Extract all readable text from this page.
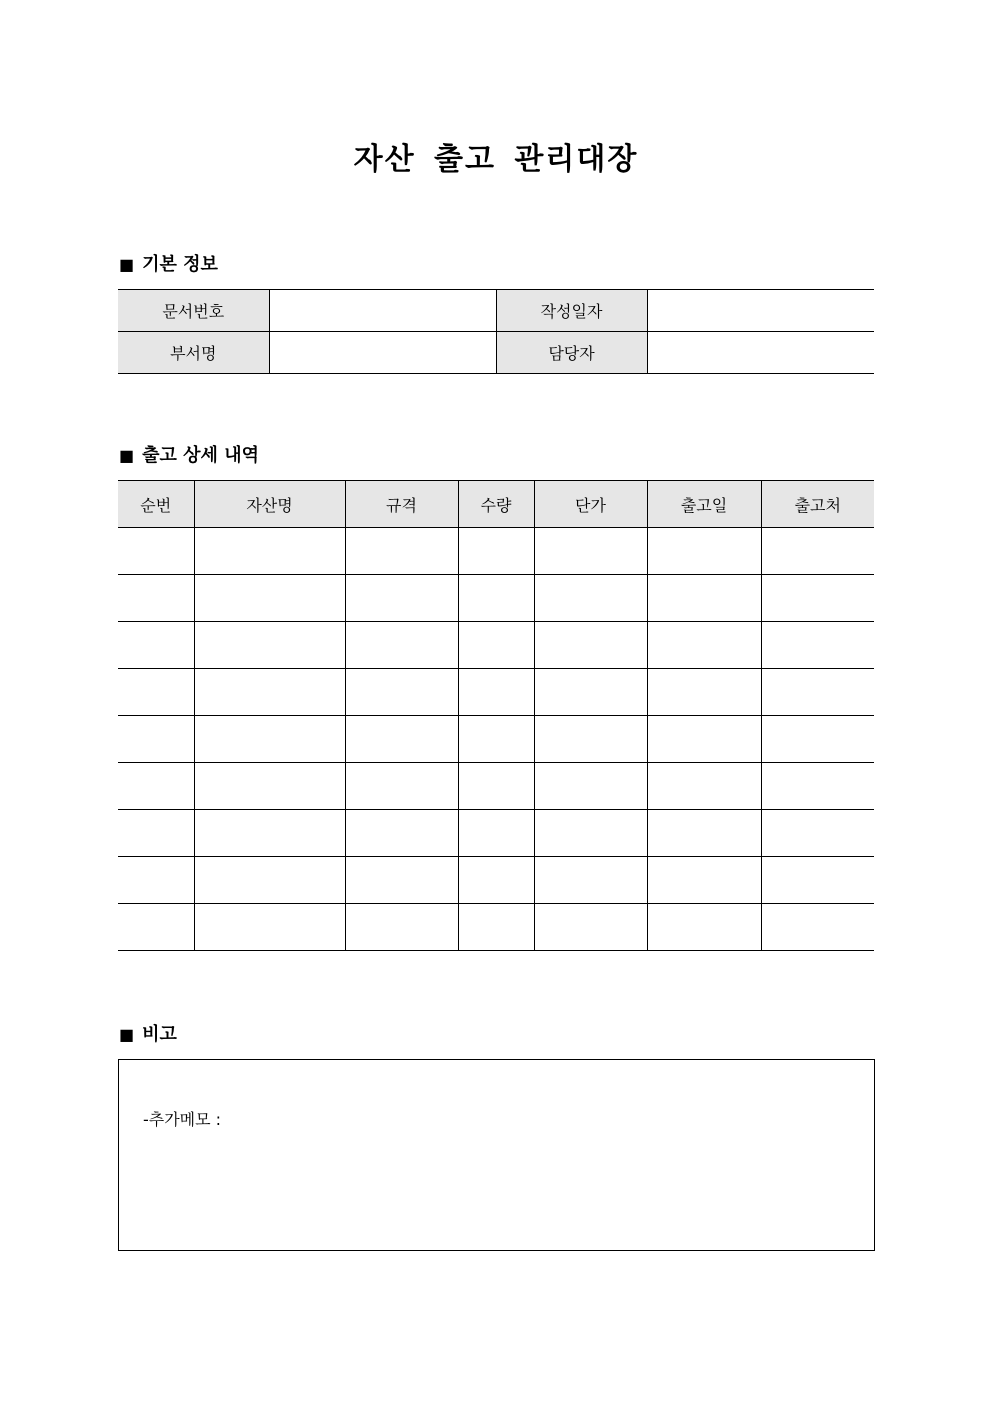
자산 출고 관리대장
■ 기본 정보
문서번호		작성일자	
부서명		담당자	
■ 출고 상세 내역
순번	자산명	규격	수량	단가	출고일	출고처

■ 비고
-추가메모 :
